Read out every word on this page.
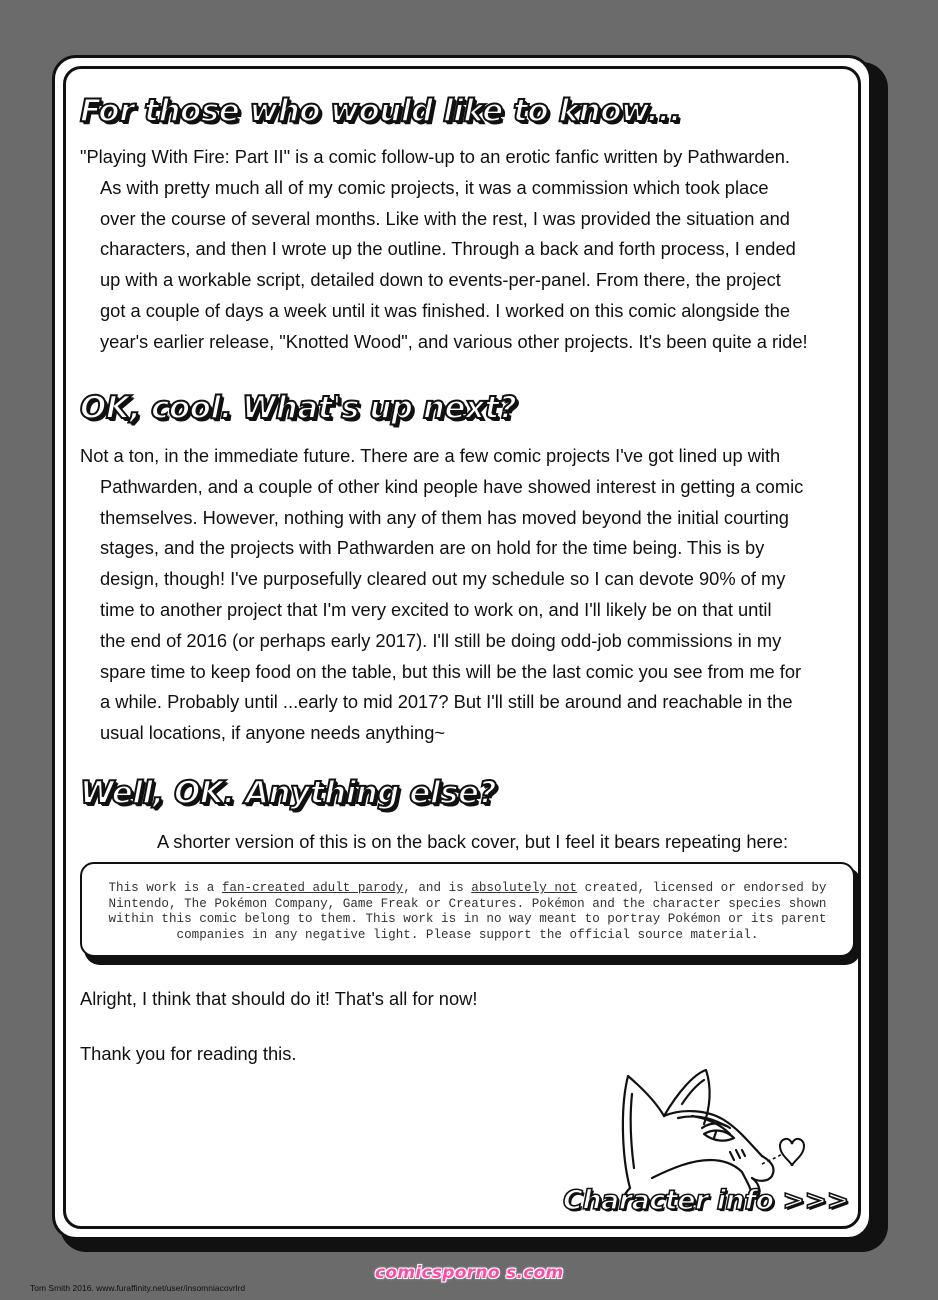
For those who would like to know...
"Playing With Fire: Part II" is a comic follow-up to an erotic fanfic written by Pathwarden.
As with pretty much all of my comic projects, it was a commission which took place
over the course of several months. Like with the rest, I was provided the situation and
characters, and then I wrote up the outline. Through a back and forth process, I ended
up with a workable script, detailed down to events-per-panel. From there, the project
got a couple of days a week until it was finished. I worked on this comic alongside the
year's earlier release, "Knotted Wood", and various other projects. It's been quite a ride!
OK, cool. What's up next?
Not a ton, in the immediate future. There are a few comic projects I've got lined up with
Pathwarden, and a couple of other kind people have showed interest in getting a comic
themselves. However, nothing with any of them has moved beyond the initial courting
stages, and the projects with Pathwarden are on hold for the time being. This is by
design, though! I've purposefully cleared out my schedule so I can devote 90% of my
time to another project that I'm very excited to work on, and I'll likely be on that until
the end of 2016 (or perhaps early 2017). I'll still be doing odd-job commissions in my
spare time to keep food on the table, but this will be the last comic you see from me for
a while. Probably until ...early to mid 2017? But I'll still be around and reachable in the
usual locations, if anyone needs anything~
Well, OK. Anything else?
A shorter version of this is on the back cover, but I feel it bears repeating here:
This work is a fan-created adult parody, and is absolutely not created, licensed or endorsed by
Nintendo, The Pokémon Company, Game Freak or Creatures. Pokémon and the character species shown
within this comic belong to them. This work is in no way meant to portray Pokémon or its parent
companies in any negative light. Please support the official source material.
Alright, I think that should do it! That's all for now!
Thank you for reading this.
Character info >>>
comicsporno s.com
Tom Smith 2016. www.furaffinity.net/user/insomniacovrlrd
